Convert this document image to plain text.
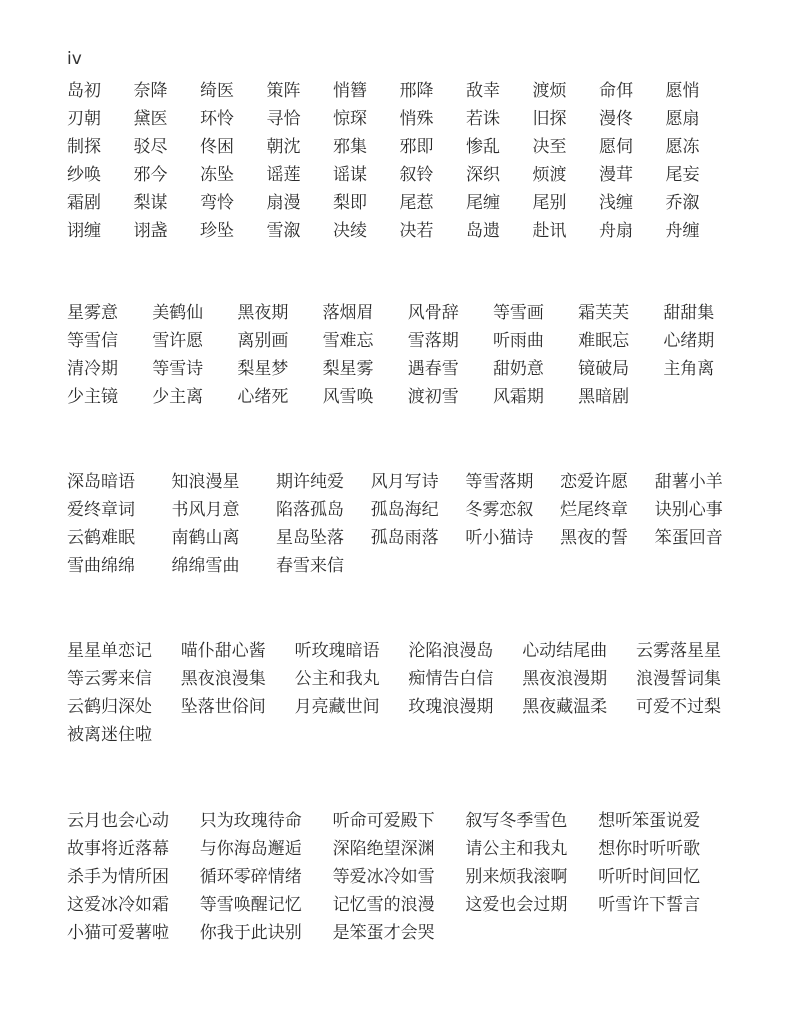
iv
岛初	奈降	绮医	策阵	悄簪	邢降	敌幸	渡烦	命佴	愿悄
刃朝	黛医	环怜	寻恰	惊琛	悄殊	若诛	旧探	漫佟	愿扇
制探	驳尽	佟困	朝沈	邪集	邪即	惨乱	决至	愿伺	愿冻
纱唤	邪今	冻坠	谣莲	谣谋	叙铃	深织	烦渡	漫茸	尾妄
霜剧	梨谋	弯怜	扇漫	梨即	尾惹	尾缠	尾别	浅缠	乔溆
诩缠	诩盏	珍坠	雪溆	决绫	决若	岛遗	赴讯	舟扇	舟缠
星雾意	美鹤仙	黑夜期	落烟眉	风骨辞	等雪画	霜芙芙	甜甜集
等雪信	雪许愿	离别画	雪难忘	雪落期	听雨曲	难眠忘	心绪期
清冷期	等雪诗	梨星梦	梨星雾	遇春雪	甜奶意	镜破局	主角离
少主镜	少主离	心绪死	风雪唤	渡初雪	风霜期	黑暗剧
深岛暗语	知浪漫星	期许纯爱	风月写诗	等雪落期	恋爱许愿	甜薯小羊
爱终章词	书风月意	陷落孤岛	孤岛海纪	冬雾恋叙	烂尾终章	诀别心事
云鹤难眠	南鹤山离	星岛坠落	孤岛雨落	听小猫诗	黑夜的誓	笨蛋回音
雪曲绵绵	绵绵雪曲	春雪来信
星星单恋记	喵仆甜心酱	听玫瑰暗语	沦陷浪漫岛	心动结尾曲	云雾落星星
等云雾来信	黑夜浪漫集	公主和我丸	痴情告白信	黑夜浪漫期	浪漫誓词集
云鹤归深处	坠落世俗间	月亮藏世间	玫瑰浪漫期	黑夜藏温柔	可爱不过梨
被离迷住啦
云月也会心动	只为玫瑰待命	听命可爱殿下	叙写冬季雪色	想听笨蛋说爱
故事将近落幕	与你海岛邂逅	深陷绝望深渊	请公主和我丸	想你时听听歌
杀手为情所困	循环零碎情绪	等爱冰冷如雪	别来烦我滚啊	听听时间回忆
这爱冰冷如霜	等雪唤醒记忆	记忆雪的浪漫	这爱也会过期	听雪许下誓言
小猫可爱薯啦	你我于此诀别	是笨蛋才会哭
